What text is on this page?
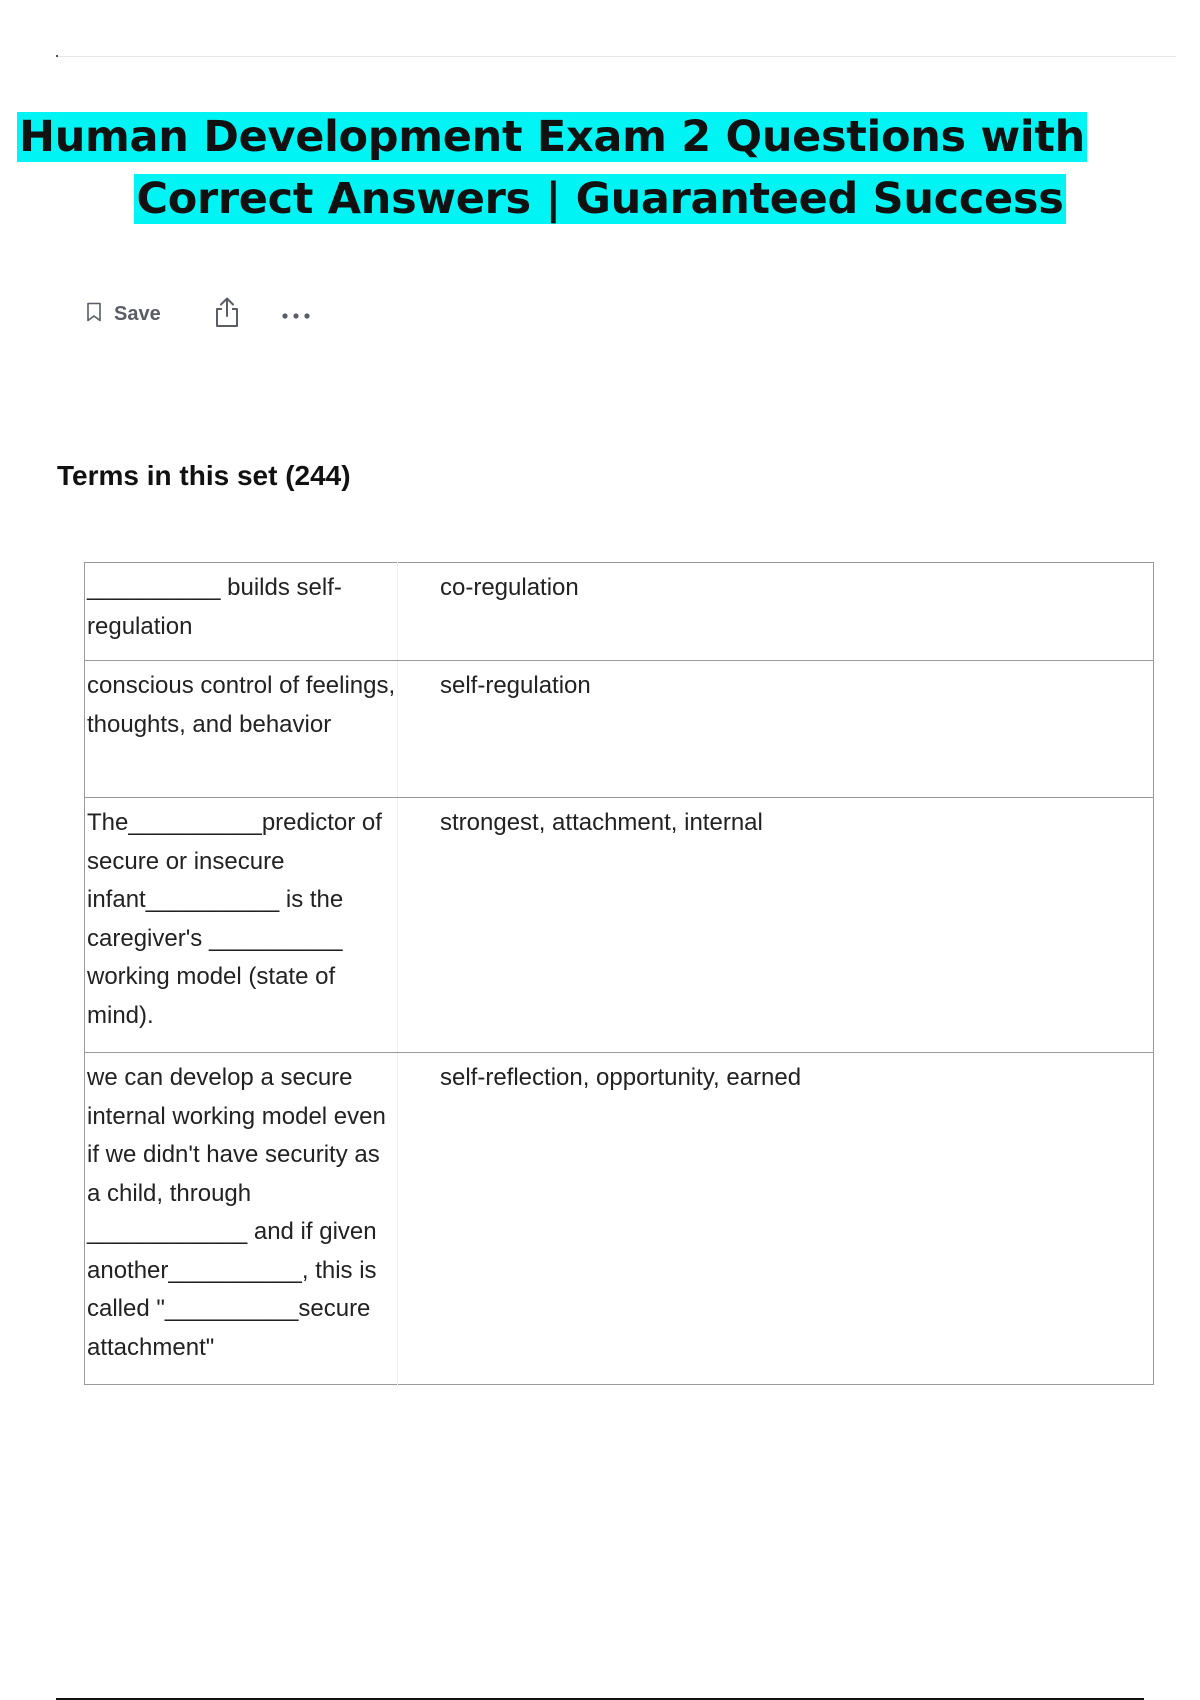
Human Development Exam 2 Questions with
Correct Answers | Guaranteed Success
Save
Terms in this set (244)
__________ builds self-regulation	co-regulation
conscious control of feelings, thoughts, and behavior	self-regulation
The__________predictor of secure or insecure infant__________ is the caregiver's __________ working model (state of mind).	strongest, attachment, internal
we can develop a secure internal working model even if we didn't have security as a child, through ____________ and if given another__________, this is called "__________secure attachment"	self-reflection, opportunity, earned
